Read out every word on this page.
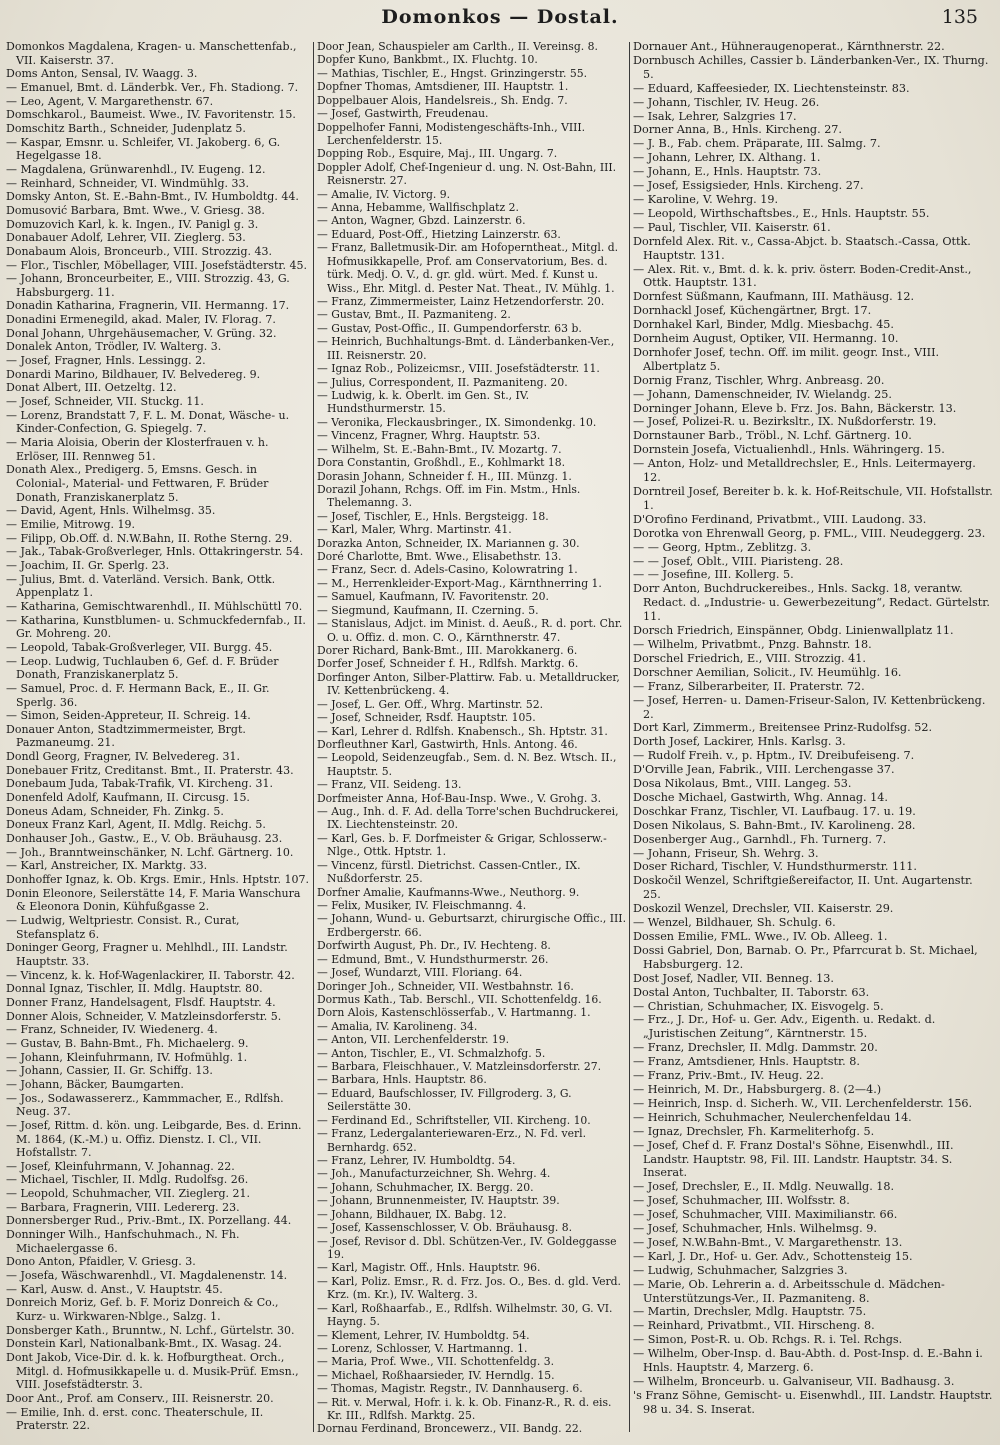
Domonkos — Dostal.	135

Domonkos Magdalena, Kragen- u. Manschettenfab., VII. Kaiserstr. 37.

Doms Anton, Sensal, IV. Waagg. 3.

— Emanuel, Bmt. d. Länderbk. Ver., Fh. Stadiong. 7.

— Leo, Agent, V. Margarethenstr. 67.

Domschkarol., Baumeist. Wwe., IV. Favoritenstr. 15.

Domschitz Barth., Schneider, Judenplatz 5.

— Kaspar, Emsnr. u. Schleifer, VI. Jakoberg. 6, G. Hegelgasse 18.

— Magdalena, Grünwarenhdl., IV. Eugeng. 12.

— Reinhard, Schneider, VI. Windmühlg. 33.

Domsky Anton, St. E.-Bahn-Bmt., IV. Humboldtg. 44.

Domusović Barbara, Bmt. Wwe., V. Griesg. 38.

Domuzovich Karl, k. k. Ingen., IV. Panigl g. 3.

Donabauer Adolf, Lehrer, VII. Zieglerg. 53.

Donabaum Alois, Bronceurb., VIII. Strozzig. 43.

— Flor., Tischler, Möbellager, VIII. Josefstädterstr. 45.

— Johann, Bronceurbeiter, E., VIII. Strozzig. 43, G. Habsburgerg. 11.

Donadin Katharina, Fragnerin, VII. Hermanng. 17.

Donadini Ermenegild, akad. Maler, IV. Florag. 7.

Donal Johann, Uhrgehäusemacher, V. Grüng. 32.

Donalek Anton, Trödler, IV. Walterg. 3.

— Josef, Fragner, Hnls. Lessingg. 2.

Donardi Marino, Bildhauer, IV. Belvedereg. 9.

Donat Albert, III. Oetzeltg. 12.

— Josef, Schneider, VII. Stuckg. 11.

— Lorenz, Brandstatt 7, F. L. M. Donat, Wäsche- u. Kinder-Confection, G. Spiegelg. 7.

— Maria Aloisia, Oberin der Klosterfrauen v. h. Erlöser, III. Rennweg 51.

Donath Alex., Predigerg. 5, Emsns. Gesch. in Colonial-, Material- und Fettwaren, F. Brüder Donath, Franziskanerplatz 5.

— David, Agent, Hnls. Wilhelmsg. 35.

— Emilie, Mitrowg. 19.

— Filipp, Ob.Off. d. N.W.Bahn, II. Rothe Sterng. 29.

— Jak., Tabak-Großverleger, Hnls. Ottakringerstr. 54.

— Joachim, II. Gr. Sperlg. 23.

— Julius, Bmt. d. Vaterländ. Versich. Bank, Ottk. Appenplatz 1.

— Katharina, Gemischtwarenhdl., II. Mühlschüttl 70.

— Katharina, Kunstblumen- u. Schmuckfedernfab., II. Gr. Mohreng. 20.

— Leopold, Tabak-Großverleger, VII. Burgg. 45.

— Leop. Ludwig, Tuchlauben 6, Gef. d. F. Brüder Donath, Franziskanerplatz 5.

— Samuel, Proc. d. F. Hermann Back, E., II. Gr. Sperlg. 36.

— Simon, Seiden-Appreteur, II. Schreig. 14.

Donauer Anton, Stadtzimmermeister, Brgt. Pazmaneumg. 21.

Dondl Georg, Fragner, IV. Belvedereg. 31.

Donebauer Fritz, Creditanst. Bmt., II. Praterstr. 43.

Donebaum Juda, Tabak-Trafik, VI. Kircheng. 31.

Donenfeld Adolf, Kaufmann, II. Circusg. 15.

Doneus Adam, Schneider, Fh. Zinkg. 5.

Doneux Franz Karl, Agent, II. Mdlg. Reichg. 5.

Donhauser Joh., Gastw., E., V. Ob. Bräuhausg. 23.

— Joh., Branntweinschänker, N. Lchf. Gärtnerg. 10.

— Karl, Anstreicher, IX. Marktg. 33.

Donhoffer Ignaz, k. Ob. Krgs. Emir., Hnls. Hptstr. 107.

Donin Eleonore, Seilerstätte 14, F. Maria Wanschura & Eleonora Donin, Kühfußgasse 2.

— Ludwig, Weltpriestr. Consist. R., Curat, Stefansplatz 6.

Doninger Georg, Fragner u. Mehlhdl., III. Landstr. Hauptstr. 33.

— Vincenz, k. k. Hof-Wagenlackirer, II. Taborstr. 42.

Donnal Ignaz, Tischler, II. Mdlg. Hauptstr. 80.

Donner Franz, Handelsagent, Flsdf. Hauptstr. 4.

Donner Alois, Schneider, V. Matzleinsdorferstr. 5.

— Franz, Schneider, IV. Wiedenerg. 4.

— Gustav, B. Bahn-Bmt., Fh. Michaelerg. 9.

— Johann, Kleinfuhrmann, IV. Hofmühlg. 1.

— Johann, Cassier, II. Gr. Schiffg. 13.

— Johann, Bäcker, Baumgarten.

— Jos., Sodawassererz., Kammmacher, E., Rdlfsh. Neug. 37.

— Josef, Rittm. d. kön. ung. Leibgarde, Bes. d. Erinn. M. 1864, (K.-M.) u. Offiz. Dienstz. I. Cl., VII. Hofstallstr. 7.

— Josef, Kleinfuhrmann, V. Johannag. 22.

— Michael, Tischler, II. Mdlg. Rudolfsg. 26.

— Leopold, Schuhmacher, VII. Zieglerg. 21.

— Barbara, Fragnerin, VIII. Ledererg. 23.

Donnersberger Rud., Priv.-Bmt., IX. Porzellang. 44.

Donninger Wilh., Hanfschuhmach., N. Fh. Michaelergasse 6.

Dono Anton, Pfaidler, V. Griesg. 3.

— Josefa, Wäschwarenhdl., VI. Magdalenenstr. 14.

— Karl, Ausw. d. Anst., V. Hauptstr. 45.

Donreich Moriz, Gef. b. F. Moriz Donreich & Co., Kurz- u. Wirkwaren-Nblge., Salzg. 1.

Donsberger Kath., Brunntw., N. Lchf., Gürtelstr. 30.

Donstein Karl, Nationalbank-Bmt., IX. Wasag. 24.

Dont Jakob, Vice-Dir. d. k. k. Hofburgtheat. Orch., Mitgl. d. Hofmusikkapelle u. d. Musik-Prüf. Emsn., VIII. Josefstädterstr. 3.

Door Ant., Prof. am Conserv., III. Reisnerstr. 20.

— Emilie, Inh. d. erst. conc. Theaterschule, II. Praterstr. 22.

Door Jean, Schauspieler am Carlth., II. Vereinsg. 8.

Dopfer Kuno, Bankbmt., IX. Fluchtg. 10.

— Mathias, Tischler, E., Hngst. Grinzingerstr. 55.

Dopfner Thomas, Amtsdiener, III. Hauptstr. 1.

Doppelbauer Alois, Handelsreis., Sh. Endg. 7.

— Josef, Gastwirth, Freudenau.

Doppelhofer Fanni, Modistengeschäfts-Inh., VIII. Lerchenfelderstr. 15.

Dopping Rob., Esquire, Maj., III. Ungarg. 7.

Doppler Adolf, Chef-Ingenieur d. ung. N. Ost-Bahn, III. Reisnerstr. 27.

— Amalie, IV. Victorg. 9.

— Anna, Hebamme, Wallfischplatz 2.

— Anton, Wagner, Gbzd. Lainzerstr. 6.

— Eduard, Post-Off., Hietzing Lainzerstr. 63.

— Franz, Balletmusik-Dir. am Hofoperntheat., Mitgl. d. Hofmusikkapelle, Prof. am Conservatorium, Bes. d. türk. Medj. O. V., d. gr. gld. würt. Med. f. Kunst u. Wiss., Ehr. Mitgl. d. Pester Nat. Theat., IV. Mühlg. 1.

— Franz, Zimmermeister, Lainz Hetzendorferstr. 20.

— Gustav, Bmt., II. Pazmaniteng. 2.

— Gustav, Post-Offic., II. Gumpendorferstr. 63 b.

— Heinrich, Buchhaltungs-Bmt. d. Länderbanken-Ver., III. Reisnerstr. 20.

— Ignaz Rob., Polizeicmsr., VIII. Josefstädterstr. 11.

— Julius, Correspondent, II. Pazmaniteng. 20.

— Ludwig, k. k. Oberlt. im Gen. St., IV. Hundsthurmerstr. 15.

— Veronika, Fleckausbringer., IX. Simondenkg. 10.

— Vincenz, Fragner, Whrg. Hauptstr. 53.

— Wilhelm, St. E.-Bahn-Bmt., IV. Mozartg. 7.

Dora Constantin, Großhdl., E., Kohlmarkt 18.

Dorasin Johann, Schneider f. H., III. Münzg. 1.

Dorazil Johann, Rchgs. Off. im Fin. Mstm., Hnls. Thelemanng. 3.

— Josef, Tischler, E., Hnls. Bergsteigg. 18.

— Karl, Maler, Whrg. Martinstr. 41.

Dorazka Anton, Schneider, IX. Mariannen g. 30.

Doré Charlotte, Bmt. Wwe., Elisabethstr. 13.

— Franz, Secr. d. Adels-Casino, Kolowratring 1.

— M., Herrenkleider-Export-Mag., Kärnthnerring 1.

— Samuel, Kaufmann, IV. Favoritenstr. 20.

— Siegmund, Kaufmann, II. Czerning. 5.

— Stanislaus, Adjct. im Minist. d. Aeuß., R. d. port. Chr. O. u. Offiz. d. mon. C. O., Kärnthnerstr. 47.

Dorer Richard, Bank-Bmt., III. Marokkanerg. 6.

Dorfer Josef, Schneider f. H., Rdlfsh. Marktg. 6.

Dorfinger Anton, Silber-Plattirw. Fab. u. Metalldrucker, IV. Kettenbrückeng. 4.

— Josef, L. Ger. Off., Whrg. Martinstr. 52.

— Josef, Schneider, Rsdf. Hauptstr. 105.

— Karl, Lehrer d. Rdlfsh. Knabensch., Sh. Hptstr. 31.

Dorfleuthner Karl, Gastwirth, Hnls. Antong. 46.

— Leopold, Seidenzeugfab., Sem. d. N. Bez. Wtsch. II., Hauptstr. 5.

— Franz, VII. Seideng. 13.

Dorfmeister Anna, Hof-Bau-Insp. Wwe., V. Grohg. 3.

— Aug., Inh. d. F. Ad. della Torre'schen Buchdruckerei, IX. Liechtensteinstr. 20.

— Karl, Ges. b. F. Dorfmeister & Grigar, Schlosserw.-Nlge., Ottk. Hptstr. 1.

— Vincenz, fürstl. Dietrichst. Cassen-Cntler., IX. Nußdorferstr. 25.

Dorfner Amalie, Kaufmanns-Wwe., Neuthorg. 9.

— Felix, Musiker, IV. Fleischmanng. 4.

— Johann, Wund- u. Geburtsarzt, chirurgische Offic., III. Erdbergerstr. 66.

Dorfwirth August, Ph. Dr., IV. Hechteng. 8.

— Edmund, Bmt., V. Hundsthurmerstr. 26.

— Josef, Wundarzt, VIII. Floriang. 64.

Doringer Joh., Schneider, VII. Westbahnstr. 16.

Dormus Kath., Tab. Berschl., VII. Schottenfeldg. 16.

Dorn Alois, Kastenschlösserfab., V. Hartmanng. 1.

— Amalia, IV. Karolineng. 34.

— Anton, VII. Lerchenfelderstr. 19.

— Anton, Tischler, E., VI. Schmalzhofg. 5.

— Barbara, Fleischhauer., V. Matzleinsdorferstr. 27.

— Barbara, Hnls. Hauptstr. 86.

— Eduard, Baufschlosser, IV. Fillgroderg. 3, G. Seilerstätte 30.

— Ferdinand Ed., Schriftsteller, VII. Kircheng. 10.

— Franz, Ledergalanteriewaren-Erz., N. Fd. verl. Bernhardg. 652.

— Franz, Lehrer, IV. Humboldtg. 54.

— Joh., Manufacturzeichner, Sh. Wehrg. 4.

— Johann, Schuhmacher, IX. Bergg. 20.

— Johann, Brunnenmeister, IV. Hauptstr. 39.

— Johann, Bildhauer, IX. Babg. 12.

— Josef, Kassenschlosser, V. Ob. Bräuhausg. 8.

— Josef, Revisor d. Dbl. Schützen-Ver., IV. Goldeggasse 19.

— Karl, Magistr. Off., Hnls. Hauptstr. 96.

— Karl, Poliz. Emsr., R. d. Frz. Jos. O., Bes. d. gld. Verd. Krz. (m. Kr.), IV. Walterg. 3.

— Karl, Roßhaarfab., E., Rdlfsh. Wilhelmstr. 30, G. VI. Hayng. 5.

— Klement, Lehrer, IV. Humboldtg. 54.

— Lorenz, Schlosser, V. Hartmanng. 1.

— Maria, Prof. Wwe., VII. Schottenfeldg. 3.

— Michael, Roßhaarsieder, IV. Herndlg. 15.

— Thomas, Magistr. Regstr., IV. Dannhauserg. 6.

— Rit. v. Merwal, Hofr. i. k. k. Ob. Finanz-R., R. d. eis. Kr. III., Rdlfsh. Marktg. 25.

Dornau Ferdinand, Broncewerz., VII. Bandg. 22.

Dornauer Ant., Hühneraugenoperat., Kärnthnerstr. 22.

Dornbusch Achilles, Cassier b. Länderbanken-Ver., IX. Thurng. 5.

— Eduard, Kaffeesieder, IX. Liechtensteinstr. 83.

— Johann, Tischler, IV. Heug. 26.

— Isak, Lehrer, Salzgries 17.

Dorner Anna, B., Hnls. Kircheng. 27.

— J. B., Fab. chem. Präparate, III. Salmg. 7.

— Johann, Lehrer, IX. Althang. 1.

— Johann, E., Hnls. Hauptstr. 73.

— Josef, Essigsieder, Hnls. Kircheng. 27.

— Karoline, V. Wehrg. 19.

— Leopold, Wirthschaftsbes., E., Hnls. Hauptstr. 55.

— Paul, Tischler, VII. Kaiserstr. 61.

Dornfeld Alex. Rit. v., Cassa-Abjct. b. Staatsch.-Cassa, Ottk. Hauptstr. 131.

— Alex. Rit. v., Bmt. d. k. k. priv. österr. Boden-Credit-Anst., Ottk. Hauptstr. 131.

Dornfest Süßmann, Kaufmann, III. Mathäusg. 12.

Dornhackl Josef, Küchengärtner, Brgt. 17.

Dornhakel Karl, Binder, Mdlg. Miesbachg. 45.

Dornheim August, Optiker, VII. Hermanng. 10.

Dornhofer Josef, techn. Off. im milit. geogr. Inst., VIII. Albertplatz 5.

Dornig Franz, Tischler, Whrg. Anbreasg. 20.

— Johann, Damenschneider, IV. Wielandg. 25.

Dorninger Johann, Eleve b. Frz. Jos. Bahn, Bäckerstr. 13.

— Josef, Polizei-R. u. Bezirksltr., IX. Nußdorferstr. 19.

Dornstauner Barb., Tröbl., N. Lchf. Gärtnerg. 10.

Dornstein Josefa, Victualienhdl., Hnls. Währingerg. 15.

— Anton, Holz- und Metalldrechsler, E., Hnls. Leitermayerg. 12.

Dorntreil Josef, Bereiter b. k. k. Hof-Reitschule, VII. Hofstallstr. 1.

D'Orofino Ferdinand, Privatbmt., VIII. Laudong. 33.

Dorotka von Ehrenwall Georg, p. FML., VIII. Neudeggerg. 23.

— — Georg, Hptm., Zeblitzg. 3.

— — Josef, Oblt., VIII. Piaristeng. 28.

— — Josefine, III. Kollerg. 5.

Dorr Anton, Buchdruckereibes., Hnls. Sackg. 18, verantw. Redact. d. „Industrie- u. Gewerbezeitung“, Redact. Gürtelstr. 11.

Dorsch Friedrich, Einspänner, Obdg. Linienwallplatz 11.

— Wilhelm, Privatbmt., Pnzg. Bahnstr. 18.

Dorschel Friedrich, E., VIII. Strozzig. 41.

Dorschner Aemilian, Solicit., IV. Heumühlg. 16.

— Franz, Silberarbeiter, II. Praterstr. 72.

— Josef, Herren- u. Damen-Friseur-Salon, IV. Kettenbrückeng. 2.

Dort Karl, Zimmerm., Breitensee Prinz-Rudolfsg. 52.

Dorth Josef, Lackirer, Hnls. Karlsg. 3.

— Rudolf Freih. v., p. Hptm., IV. Dreibufeiseng. 7.

D'Orville Jean, Fabrik., VIII. Lerchengasse 37.

Dosa Nikolaus, Bmt., VIII. Langeg. 53.

Dosche Michael, Gastwirth, Whg. Annag. 14.

Doschkar Franz, Tischler, VI. Laufbaug. 17. u. 19.

Dosen Nikolaus, S. Bahn-Bmt., IV. Karolineng. 28.

Dosenberger Aug., Garnhdl., Fh. Turnerg. 7.

— Johann, Friseur, Sh. Wehrg. 3.

Doser Richard, Tischler, V. Hundsthurmerstr. 111.

Doskočil Wenzel, Schriftgießereifactor, II. Unt. Augartenstr. 25.

Doskozil Wenzel, Drechsler, VII. Kaiserstr. 29.

— Wenzel, Bildhauer, Sh. Schulg. 6.

Dossen Emilie, FML. Wwe., IV. Ob. Alleeg. 1.

Dossi Gabriel, Don, Barnab. O. Pr., Pfarrcurat b. St. Michael, Habsburgerg. 12.

Dost Josef, Nadler, VII. Benneg. 13.

Dostal Anton, Tuchbalter, II. Taborstr. 63.

— Christian, Schuhmacher, IX. Eisvogelg. 5.

— Frz., J. Dr., Hof- u. Ger. Adv., Eigenth. u. Redakt. d. „Juristischen Zeitung“, Kärntnerstr. 15.

— Franz, Drechsler, II. Mdlg. Dammstr. 20.

— Franz, Amtsdiener, Hnls. Hauptstr. 8.

— Franz, Priv.-Bmt., IV. Heug. 22.

— Heinrich, M. Dr., Habsburgerg. 8. (2—4.)

— Heinrich, Insp. d. Sicherh. W., VII. Lerchenfelderstr. 156.

— Heinrich, Schuhmacher, Neulerchenfeldau 14.

— Ignaz, Drechsler, Fh. Karmeliterhofg. 5.

— Josef, Chef d. F. Franz Dostal's Söhne, Eisenwhdl., III. Landstr. Hauptstr. 98, Fil. III. Landstr. Hauptstr. 34. S. Inserat.

— Josef, Drechsler, E., II. Mdlg. Neuwallg. 18.

— Josef, Schuhmacher, III. Wolfsstr. 8.

— Josef, Schuhmacher, VIII. Maximilianstr. 66.

— Josef, Schuhmacher, Hnls. Wilhelmsg. 9.

— Josef, N.W.Bahn-Bmt., V. Margarethenstr. 13.

— Karl, J. Dr., Hof- u. Ger. Adv., Schottensteig 15.

— Ludwig, Schuhmacher, Salzgries 3.

— Marie, Ob. Lehrerin a. d. Arbeitsschule d. Mädchen-Unterstützungs-Ver., II. Pazmaniteng. 8.

— Martin, Drechsler, Mdlg. Hauptstr. 75.

— Reinhard, Privatbmt., VII. Hirscheng. 8.

— Simon, Post-R. u. Ob. Rchgs. R. i. Tel. Rchgs.

— Wilhelm, Ober-Insp. d. Bau-Abth. d. Post-Insp. d. E.-Bahn i. Hnls. Hauptstr. 4, Marzerg. 6.

— Wilhelm, Bronceurb. u. Galvaniseur, VII. Badhausg. 3.

's Franz Söhne, Gemischt- u. Eisenwhdl., III. Landstr. Hauptstr. 98 u. 34. S. Inserat.
